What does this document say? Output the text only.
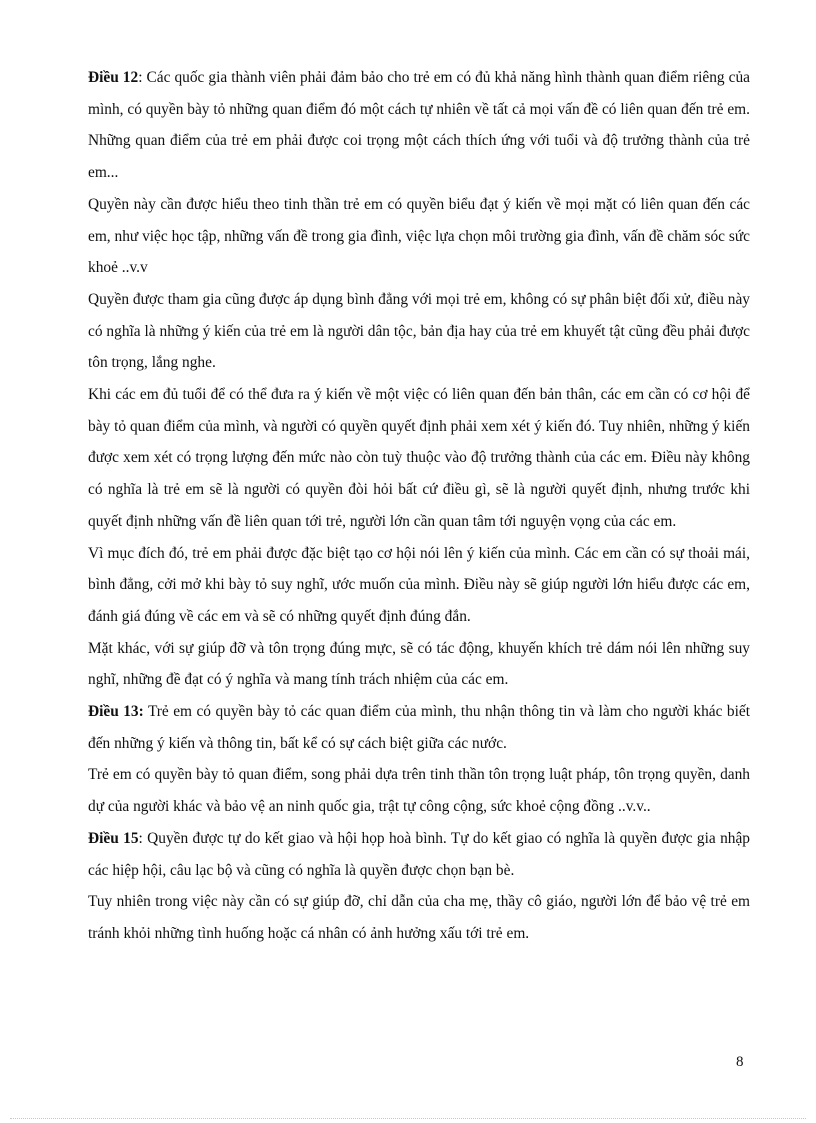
Điều 12: Các quốc gia thành viên phải đảm bảo cho trẻ em có đủ khả năng hình thành quan điểm riêng của mình, có quyền bày tỏ những quan điểm đó một cách tự nhiên về tất cả mọi vấn đề có liên quan đến trẻ em. Những quan điểm của trẻ em phải được coi trọng một cách thích ứng với tuổi và độ trưởng thành của trẻ em...

Quyền này cần được hiểu theo tinh thần trẻ em có quyền biểu đạt ý kiến về mọi mặt có liên quan đến các em, như việc học tập, những vấn đề trong gia đình, việc lựa chọn môi trường gia đình, vấn đề chăm sóc sức khoẻ ..v.v

Quyền được tham gia cũng được áp dụng bình đẳng với mọi trẻ em, không có sự phân biệt đối xử, điều này có nghĩa là những ý kiến của trẻ em là người dân tộc, bản địa hay của trẻ em khuyết tật cũng đều phải được tôn trọng, lắng nghe.

Khi các em đủ tuổi để có thể đưa ra ý kiến về một việc có liên quan đến bản thân, các em cần có cơ hội để bày tỏ quan điểm của mình, và người có quyền quyết định phải xem xét ý kiến đó. Tuy nhiên, những ý kiến được xem xét có trọng lượng đến mức nào còn tuỳ thuộc vào độ trưởng thành của các em. Điều này không có nghĩa là trẻ em sẽ là người có quyền đòi hỏi bất cứ điều gì, sẽ là người quyết định, nhưng trước khi quyết định những vấn đề liên quan tới trẻ, người lớn cần quan tâm tới nguyện vọng của các em.

Vì mục đích đó, trẻ em phải được đặc biệt tạo cơ hội nói lên ý kiến của mình. Các em cần có sự thoải mái, bình đẳng, cởi mở khi bày tỏ suy nghĩ, ước muốn của mình. Điều này sẽ giúp người lớn hiểu được các em, đánh giá đúng về các em và sẽ có những quyết định đúng đắn.

Mặt khác, với sự giúp đỡ và tôn trọng đúng mực, sẽ có tác động, khuyến khích trẻ dám nói lên những suy nghĩ, những đề đạt có ý nghĩa và mang tính trách nhiệm của các em.

Điều 13: Trẻ em có quyền bày tỏ các quan điểm của mình, thu nhận thông tin và làm cho người khác biết đến những ý kiến và thông tin, bất kể có sự cách biệt giữa các nước.

Trẻ em có quyền bày tỏ quan điểm, song phải dựa trên tinh thần tôn trọng luật pháp, tôn trọng quyền, danh dự của người khác và bảo vệ an ninh quốc gia, trật tự công cộng, sức khoẻ cộng đồng ..v.v..

Điều 15: Quyền được tự do kết giao và hội họp hoà bình. Tự do kết giao có nghĩa là quyền được gia nhập các hiệp hội, câu lạc bộ và cũng có nghĩa là quyền được chọn bạn bè.

Tuy nhiên trong việc này cần có sự giúp đỡ, chỉ dẫn của cha mẹ, thầy cô giáo, người lớn để bảo vệ trẻ em tránh khỏi những tình huống hoặc cá nhân có ảnh hưởng xấu tới trẻ em.

8
